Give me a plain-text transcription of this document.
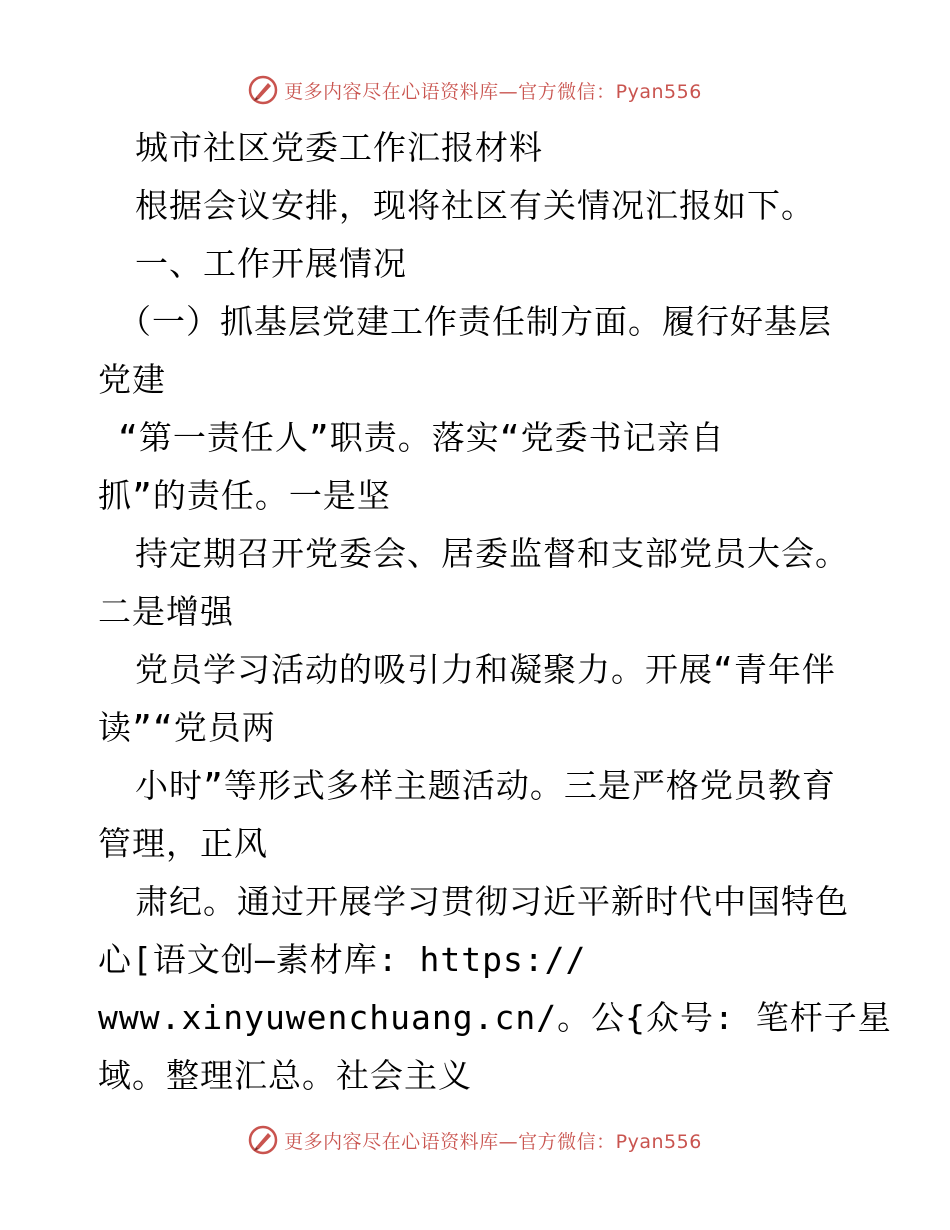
更多内容尽在心语资料库—官方微信：Pyan556
城市社区党委工作汇报材料
根据会议安排，现将社区有关情况汇报如下。
一、工作开展情况
（一）抓基层党建工作责任制方面。履行好基层
党建
“第一责任人”职责。落实“党委书记亲自
抓”的责任。一是坚
持定期召开党委会、居委监督和支部党员大会。
二是增强
党员学习活动的吸引力和凝聚力。开展“青年伴
读”“党员两
小时”等形式多样主题活动。三是严格党员教育
管理，正风
肃纪。通过开展学习贯彻习近平新时代中国特色
心[语文创—素材库: https://
www.xinyuwenchuang.cn/。公{众号: 笔杆子星
域。整理汇总。社会主义
更多内容尽在心语资料库—官方微信：Pyan556
